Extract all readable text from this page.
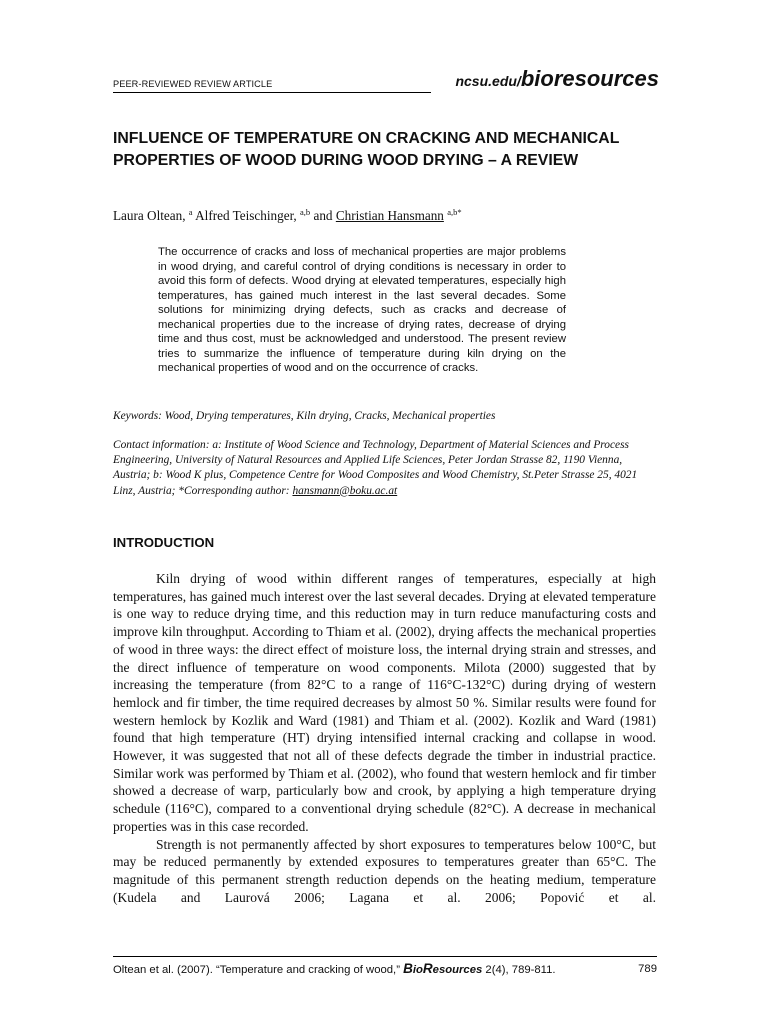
PEER-REVIEWED REVIEW ARTICLE	ncsu.edu/bioresources
INFLUENCE OF TEMPERATURE ON CRACKING AND MECHANICAL PROPERTIES OF WOOD DURING WOOD DRYING – A REVIEW
Laura Oltean, $^a$ Alfred Teischinger, $^{a,b}$ and Christian Hansmann $^{a,b*}$

The occurrence of cracks and loss of mechanical properties are major problems in wood drying, and careful control of drying conditions is necessary in order to avoid this form of defects. Wood drying at elevated temperatures, especially high temperatures, has gained much interest in the last several decades. Some solutions for minimizing drying defects, such as cracks and decrease of mechanical properties due to the increase of drying rates, decrease of drying time and thus cost, must be acknowledged and understood. The present review tries to summarize the influence of temperature during kiln drying on the mechanical properties of wood and on the occurrence of cracks.

Keywords: Wood, Drying temperatures, Kiln drying, Cracks, Mechanical properties

Contact information: a: Institute of Wood Science and Technology, Department of Material Sciences and Process Engineering, University of Natural Resources and Applied Life Sciences, Peter Jordan Strasse 82, 1190 Vienna, Austria; b: Wood K plus, Competence Centre for Wood Composites and Wood Chemistry, St.Peter Strasse 25, 4021 Linz, Austria; *Corresponding author: hansmann@boku.ac.at

INTRODUCTION

Kiln drying of wood within different ranges of temperatures, especially at high temperatures, has gained much interest over the last several decades. Drying at elevated temperature is one way to reduce drying time, and this reduction may in turn reduce manufacturing costs and improve kiln throughput. According to Thiam et al. (2002), drying affects the mechanical properties of wood in three ways: the direct effect of moisture loss, the internal drying strain and stresses, and the direct influence of temperature on wood components. Milota (2000) suggested that by increasing the temperature (from 82°C to a range of 116°C-132°C) during drying of western hemlock and fir timber, the time required decreases by almost 50 %. Similar results were found for western hemlock by Kozlik and Ward (1981) and Thiam et al. (2002). Kozlik and Ward (1981) found that high temperature (HT) drying intensified internal cracking and collapse in wood. However, it was suggested that not all of these defects degrade the timber in industrial practice. Similar work was performed by Thiam et al. (2002), who found that western hemlock and fir timber showed a decrease of warp, particularly bow and crook, by applying a high temperature drying schedule (116°C), compared to a conventional drying schedule (82°C). A decrease in mechanical properties was in this case recorded.

Strength is not permanently affected by short exposures to temperatures below 100°C, but may be reduced permanently by extended exposures to temperatures greater than 65°C. The magnitude of this permanent strength reduction depends on the heating medium, temperature (Kudela and Laurová 2006; Lagana et al. 2006; Popović et al.

Oltean et al. (2007). “Temperature and cracking of wood,” BioResources 2(4), 789-811.	789
